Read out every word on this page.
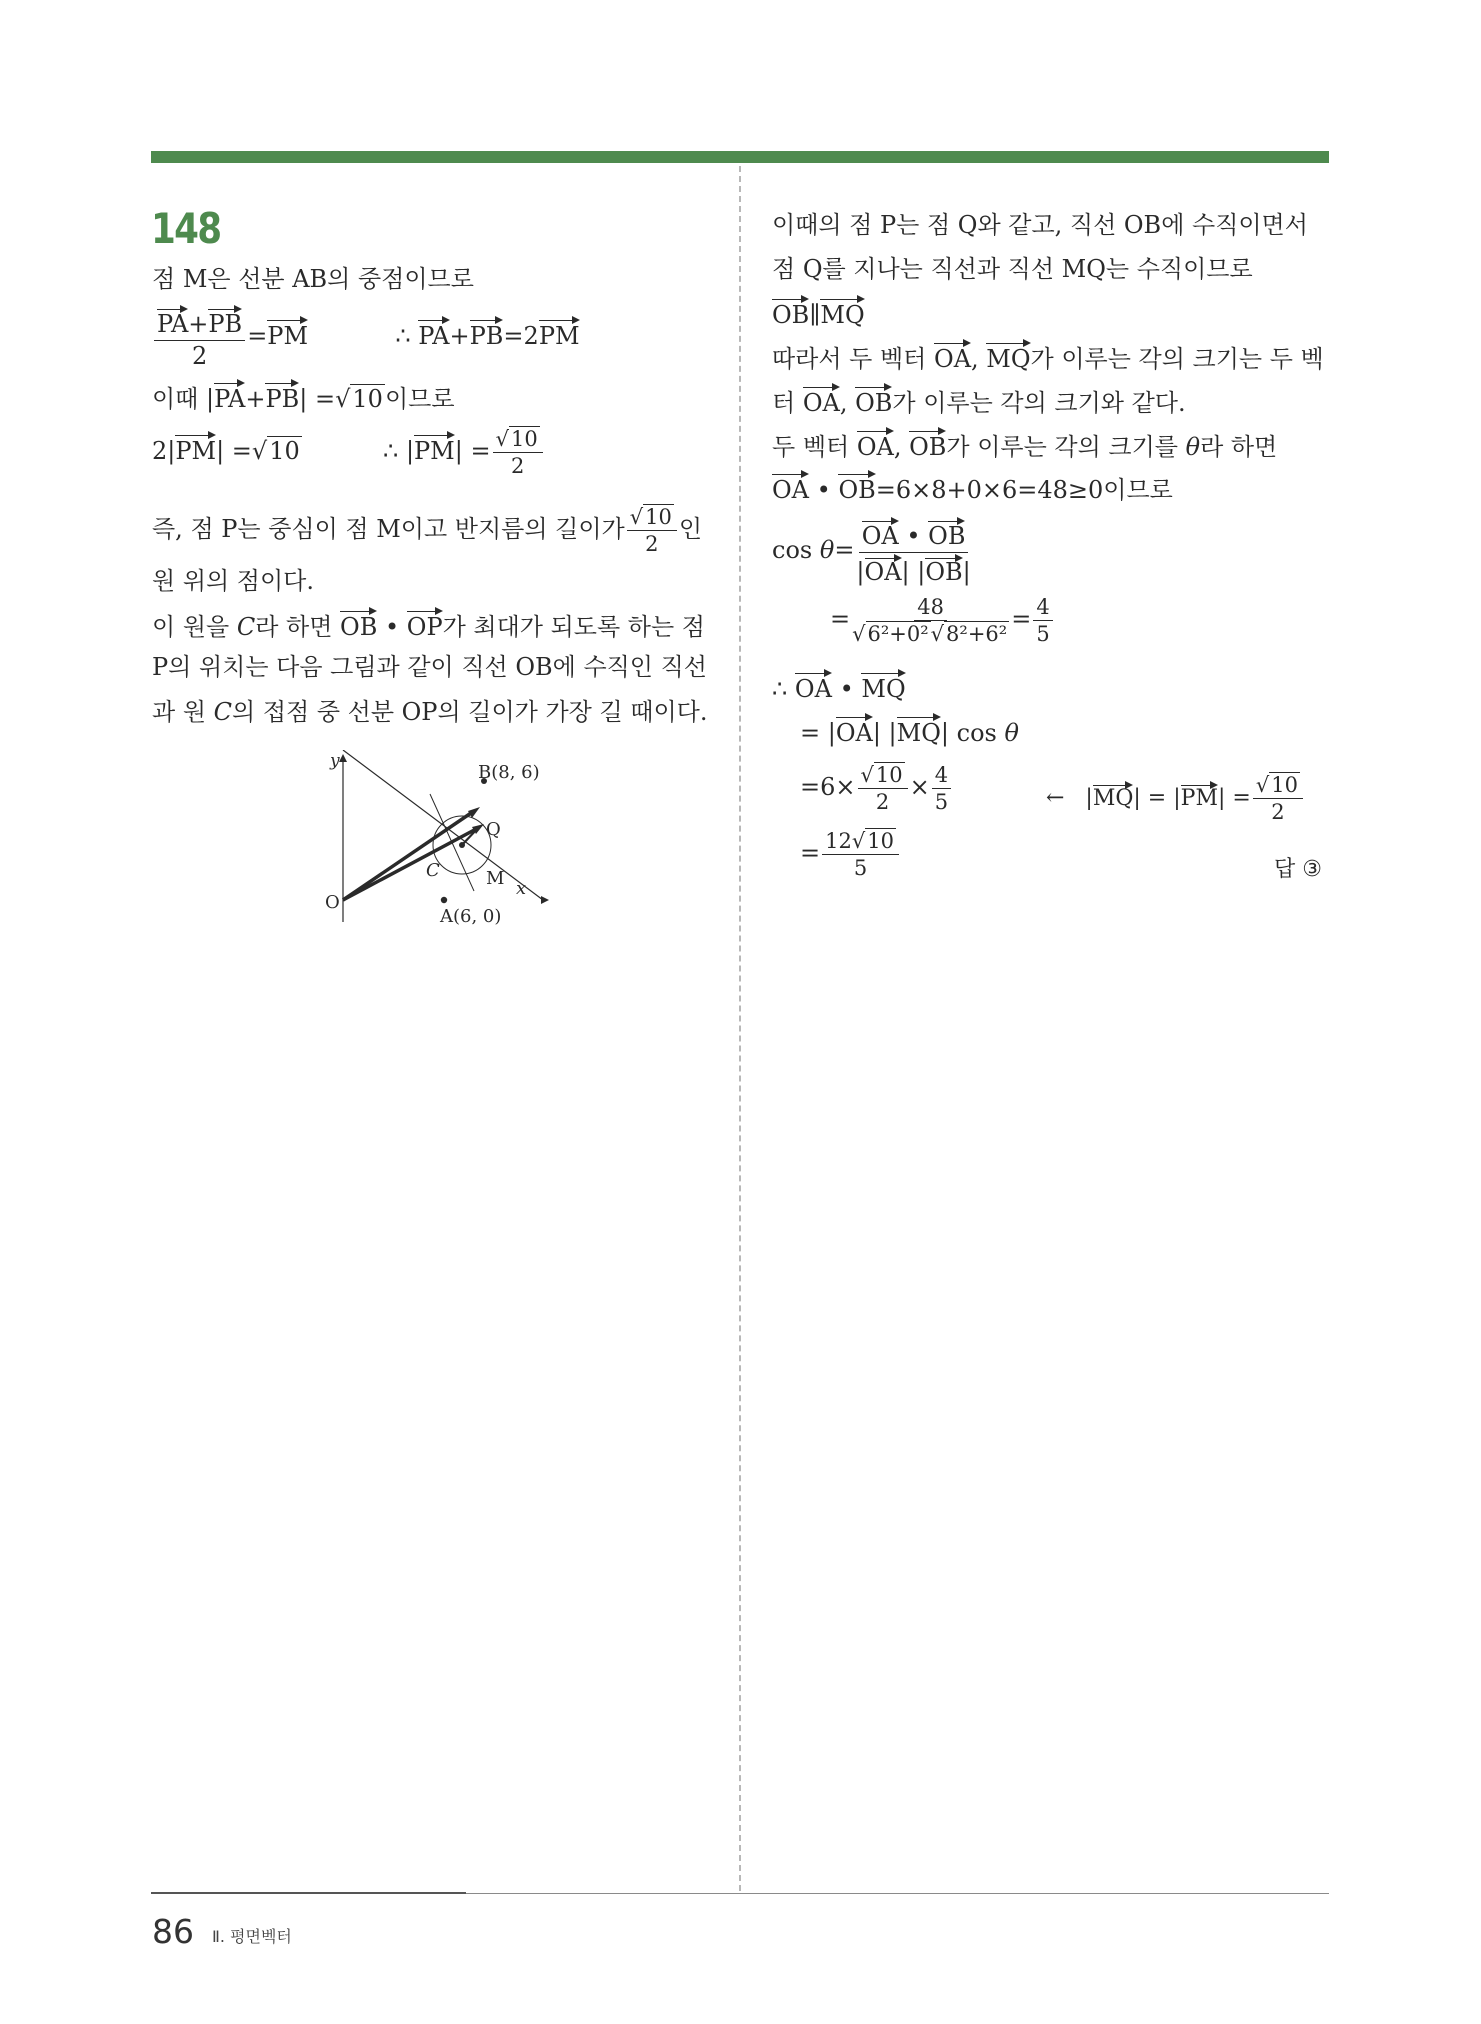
148
점 M은 선분 AB의 중점이므로
$\frac{PA+PB}{2} =PM$	∴ PA+PB=2PM
이때 |PA+PB| =√10이므로
2|PM| =√10	∴ $|PM| = \frac{√10}{2}$
즉, 점 P는 중심이 점 M이고 반지름의 길이가 $\frac{√10}{2}$ 인
원 위의 점이다.
이 원을 C라 하면 OB • OP가 최대가 되도록 하는 점
P의 위치는 다음 그림과 같이 직선 OB에 수직인 직선
과 원 C의 접점 중 선분 OP의 길이가 가장 길 때이다.
y
x
O
B(8, 6)
A(6, 0)
Q
M
C
이때의 점 P는 점 Q와 같고, 직선 OB에 수직이면서
점 Q를 지나는 직선과 직선 MQ는 수직이므로
OB∥MQ
따라서 두 벡터 OA, MQ가 이루는 각의 크기는 두 벡
터 OA, OB가 이루는 각의 크기와 같다.
두 벡터 OA, OB가 이루는 각의 크기를 θ라 하면
OA • OB=6×8+0×6=48≥0이므로
$\cos \theta= \frac{OA • OB}{|OA| |OB|}$
= $\frac{48}{\text{√6²+0²√8²+6²}} = \frac{4}{5}$
∴ OA • MQ
= |OA| |MQ| cos θ
$=6\times \frac{√10}{2} \times \frac{4}{5}$
= $\frac{12√10}{5}$
← $|MQ| = |PM| = \frac{√10}{2}$
답 ③
86 Ⅱ. 평면벡터
